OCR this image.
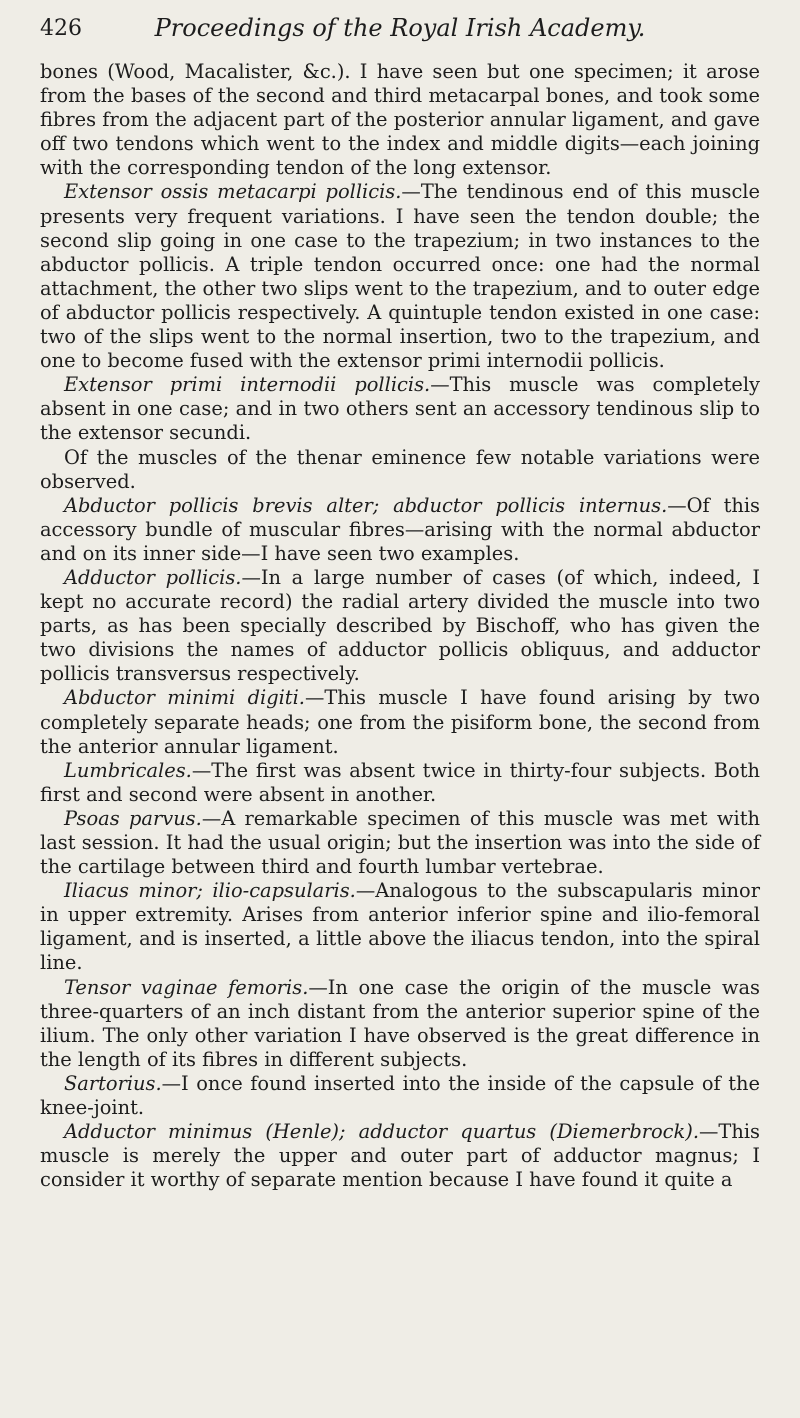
426	Proceedings of the Royal Irish Academy.

bones (Wood, Macalister, &c.). I have seen but one specimen; it arose from the bases of the second and third metacarpal bones, and took some fibres from the adjacent part of the posterior annular ligament, and gave off two tendons which went to the index and middle digits—each joining with the corresponding tendon of the long extensor.

Extensor ossis metacarpi pollicis.—The tendinous end of this muscle presents very frequent variations. I have seen the tendon double; the second slip going in one case to the trapezium; in two instances to the abductor pollicis. A triple tendon occurred once: one had the normal attachment, the other two slips went to the trapezium, and to outer edge of abductor pollicis respectively. A quintuple tendon existed in one case: two of the slips went to the normal insertion, two to the trapezium, and one to become fused with the extensor primi internodii pollicis.

Extensor primi internodii pollicis.—This muscle was completely absent in one case; and in two others sent an accessory tendinous slip to the extensor secundi.

Of the muscles of the thenar eminence few notable variations were observed.

Abductor pollicis brevis alter; abductor pollicis internus.—Of this accessory bundle of muscular fibres—arising with the normal abductor and on its inner side—I have seen two examples.

Adductor pollicis.—In a large number of cases (of which, indeed, I kept no accurate record) the radial artery divided the muscle into two parts, as has been specially described by Bischoff, who has given the two divisions the names of adductor pollicis obliquus, and adductor pollicis transversus respectively.

Abductor minimi digiti.—This muscle I have found arising by two completely separate heads; one from the pisiform bone, the second from the anterior annular ligament.

Lumbricales.—The first was absent twice in thirty-four subjects. Both first and second were absent in another.

Psoas parvus.—A remarkable specimen of this muscle was met with last session. It had the usual origin; but the insertion was into the side of the cartilage between third and fourth lumbar vertebrae.

Iliacus minor; ilio-capsularis.—Analogous to the subscapularis minor in upper extremity. Arises from anterior inferior spine and ilio-femoral ligament, and is inserted, a little above the iliacus tendon, into the spiral line.

Tensor vaginae femoris.—In one case the origin of the muscle was three-quarters of an inch distant from the anterior superior spine of the ilium. The only other variation I have observed is the great difference in the length of its fibres in different subjects.

Sartorius.—I once found inserted into the inside of the capsule of the knee-joint.

Adductor minimus (Henle); adductor quartus (Diemerbrock).—This muscle is merely the upper and outer part of adductor magnus; I consider it worthy of separate mention because I have found it quite a
